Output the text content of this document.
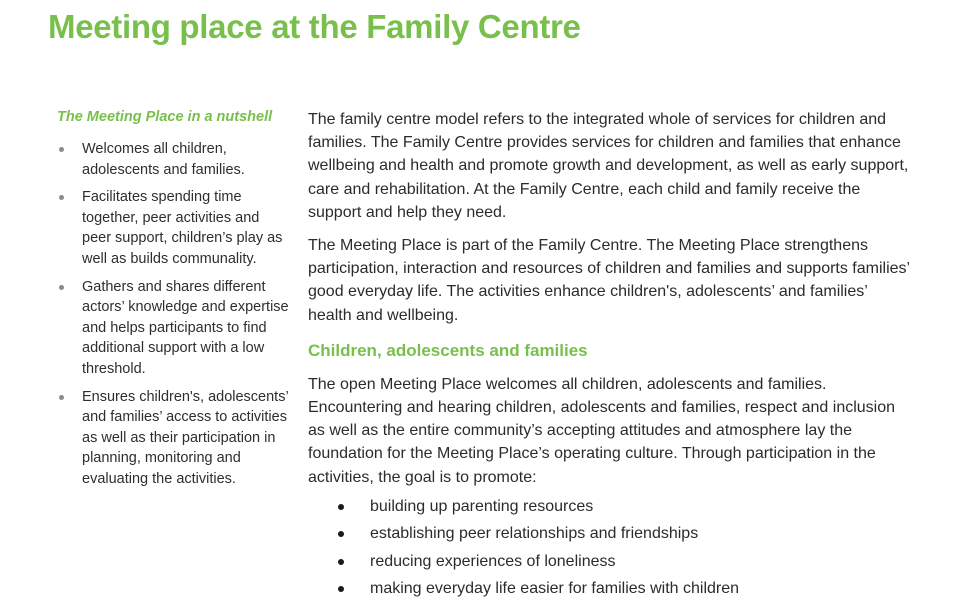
Meeting place at the Family Centre
The Meeting Place in a nutshell
Welcomes all children, adolescents and families.
Facilitates spending time together, peer activities and peer support, children’s play as well as builds communality.
Gathers and shares different actors’ knowledge and expertise and helps participants to find additional support with a low threshold.
Ensures children's, adolescents’ and families’ access to activities as well as their participation in planning, monitoring and evaluating the activities.

The family centre model refers to the integrated whole of services for children and families. The Family Centre provides services for children and families that enhance wellbeing and health and promote growth and development, as well as early support, care and rehabilitation. At the Family Centre, each child and family receive the support and help they need.

The Meeting Place is part of the Family Centre. The Meeting Place strengthens participation, interaction and resources of children and families and supports families’ good everyday life. The activities enhance children's, adolescents’ and families’ health and wellbeing.

Children, adolescents and families

The open Meeting Place welcomes all children, adolescents and families. Encountering and hearing children, adolescents and families, respect and inclusion as well as the entire community’s accepting attitudes and atmosphere lay the foundation for the Meeting Place’s operating culture. Through participation in the activities, the goal is to promote:

building up parenting resources
establishing peer relationships and friendships
reducing experiences of loneliness
making everyday life easier for families with children
